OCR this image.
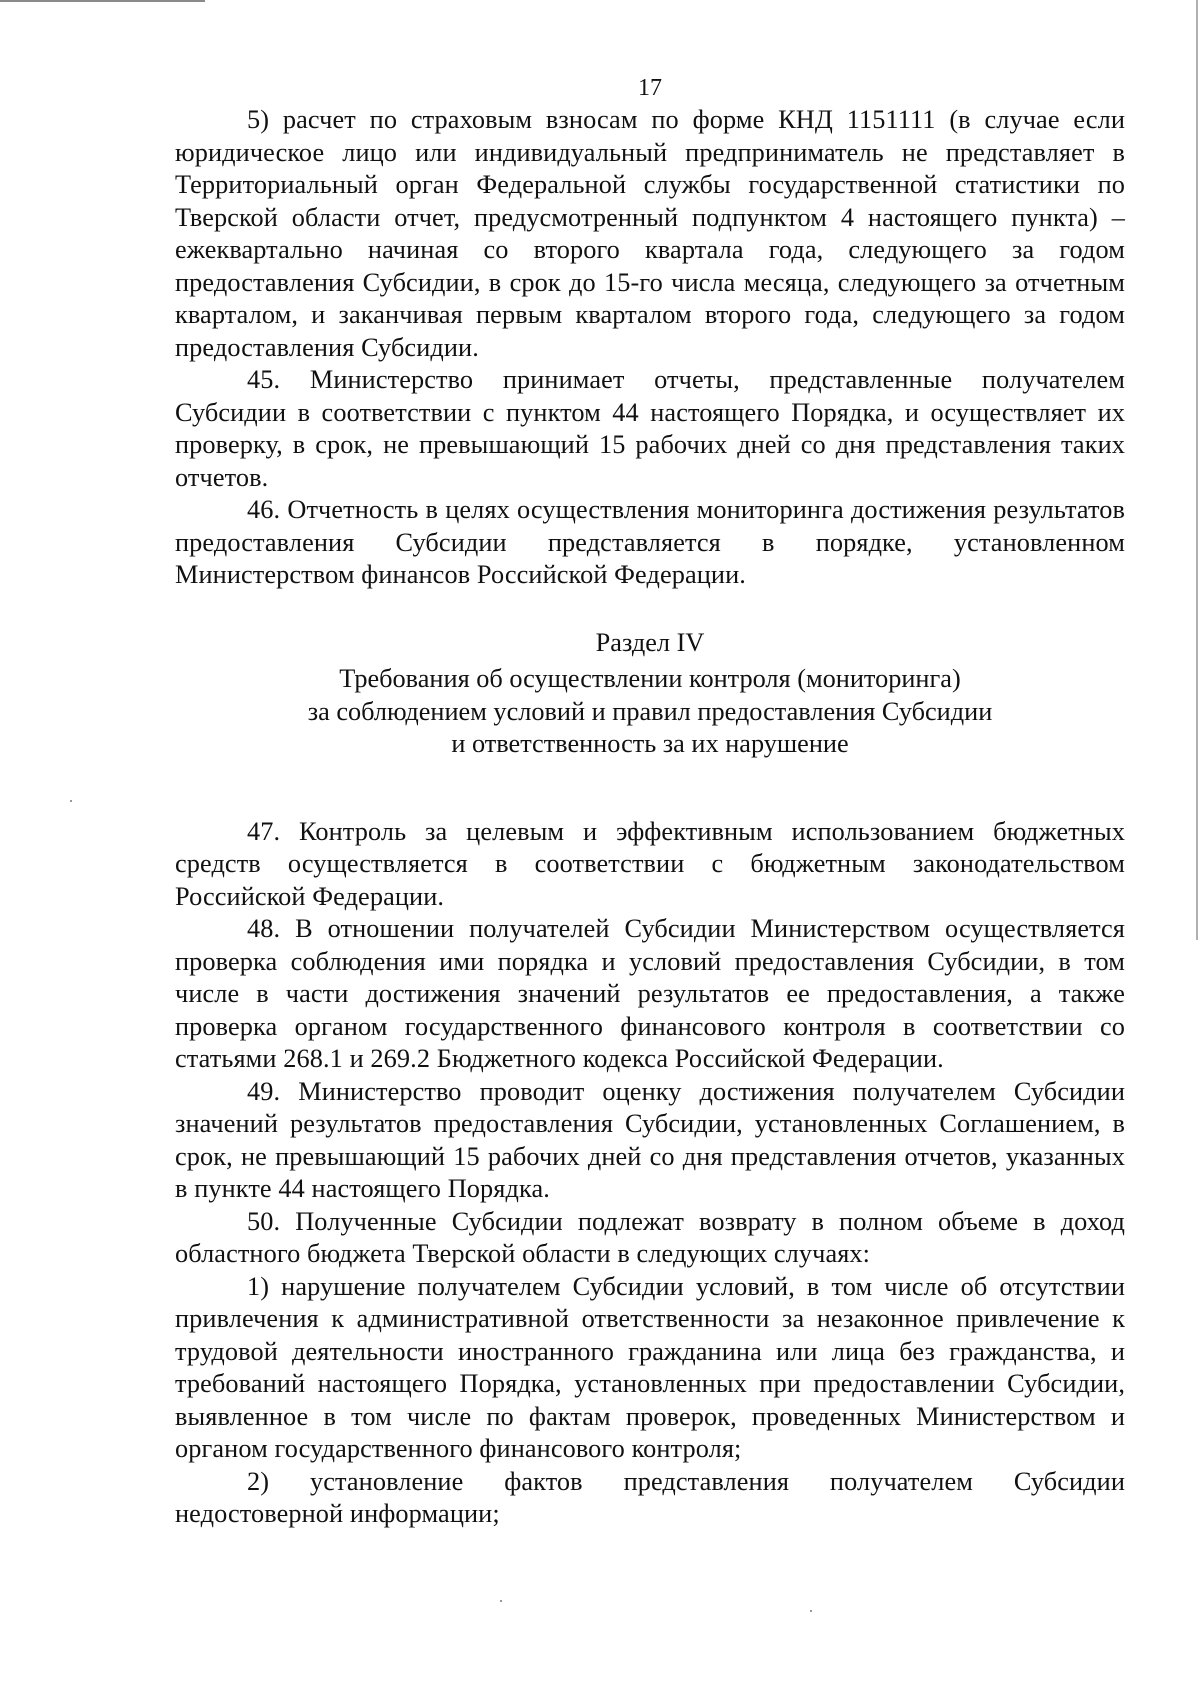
17

5) расчет по страховым взносам по форме КНД 1151111 (в случае если юридическое лицо или индивидуальный предприниматель не представляет в Территориальный орган Федеральной службы государственной статистики по Тверской области отчет, предусмотренный подпунктом 4 настоящего пункта) – ежеквартально начиная со второго квартала года, следующего за годом предоставления Субсидии, в срок до 15-го числа месяца, следующего за отчетным кварталом, и заканчивая первым кварталом второго года, следующего за годом предоставления Субсидии.

45. Министерство принимает отчеты, представленные получателем Субсидии в соответствии с пунктом 44 настоящего Порядка, и осуществляет их проверку, в срок, не превышающий 15 рабочих дней со дня представления таких отчетов.

46. Отчетность в целях осуществления мониторинга достижения результатов предоставления Субсидии представляется в порядке, установленном Министерством финансов Российской Федерации.

Раздел IV
Требования об осуществлении контроля (мониторинга)
за соблюдением условий и правил предоставления Субсидии
и ответственность за их нарушение

47. Контроль за целевым и эффективным использованием бюджетных средств осуществляется в соответствии с бюджетным законодательством Российской Федерации.

48. В отношении получателей Субсидии Министерством осуществляется проверка соблюдения ими порядка и условий предоставления Субсидии, в том числе в части достижения значений результатов ее предоставления, а также проверка органом государственного финансового контроля в соответствии со статьями 268.1 и 269.2 Бюджетного кодекса Российской Федерации.

49. Министерство проводит оценку достижения получателем Субсидии значений результатов предоставления Субсидии, установленных Соглашением, в срок, не превышающий 15 рабочих дней со дня представления отчетов, указанных в пункте 44 настоящего Порядка.

50. Полученные Субсидии подлежат возврату в полном объеме в доход областного бюджета Тверской области в следующих случаях:

1) нарушение получателем Субсидии условий, в том числе об отсутствии привлечения к административной ответственности за незаконное привлечение к трудовой деятельности иностранного гражданина или лица без гражданства, и требований настоящего Порядка, установленных при предоставлении Субсидии, выявленное в том числе по фактам проверок, проведенных Министерством и органом государственного финансового контроля;

2) установление фактов представления получателем Субсидии недостоверной информации;
